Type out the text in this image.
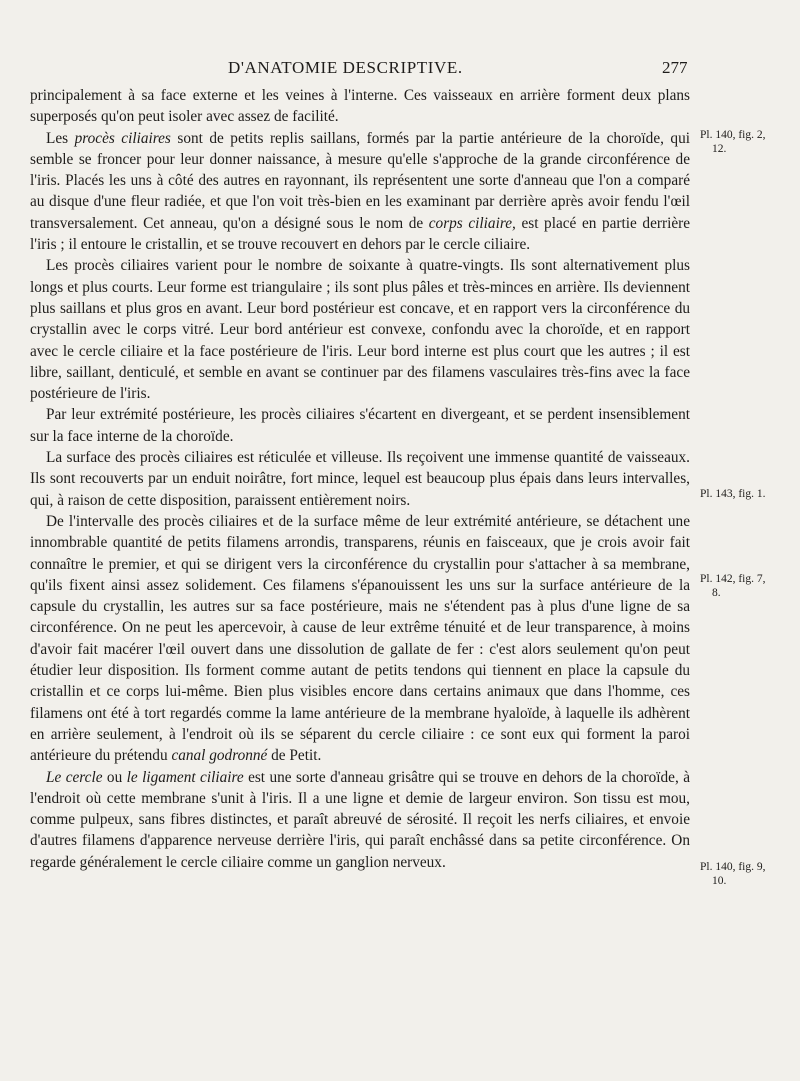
D'ANATOMIE DESCRIPTIVE.	277

principalement à sa face externe et les veines à l'interne. Ces vaisseaux en arrière forment deux plans superposés qu'on peut isoler avec assez de facilité.

Les procès ciliaires sont de petits replis saillans, formés par la partie antérieure de la choroïde, qui semble se froncer pour leur donner naissance, à mesure qu'elle s'approche de la grande circonférence de l'iris. Placés les uns à côté des autres en rayonnant, ils représentent une sorte d'anneau que l'on a comparé au disque d'une fleur radiée, et que l'on voit très-bien en les examinant par derrière après avoir fendu l'œil transversalement. Cet anneau, qu'on a désigné sous le nom de corps ciliaire, est placé en partie derrière l'iris ; il entoure le cristallin, et se trouve recouvert en dehors par le cercle ciliaire.

Les procès ciliaires varient pour le nombre de soixante à quatre-vingts. Ils sont alternativement plus longs et plus courts. Leur forme est triangulaire ; ils sont plus pâles et très-minces en arrière. Ils deviennent plus saillans et plus gros en avant. Leur bord postérieur est concave, et en rapport vers la circonférence du crystallin avec le corps vitré. Leur bord antérieur est convexe, confondu avec la choroïde, et en rapport avec le cercle ciliaire et la face postérieure de l'iris. Leur bord interne est plus court que les autres ; il est libre, saillant, denticulé, et semble en avant se continuer par des filamens vasculaires très-fins avec la face postérieure de l'iris.

Par leur extrémité postérieure, les procès ciliaires s'écartent en divergeant, et se perdent insensiblement sur la face interne de la choroïde.

La surface des procès ciliaires est réticulée et villeuse. Ils reçoivent une immense quantité de vaisseaux. Ils sont recouverts par un enduit noirâtre, fort mince, lequel est beaucoup plus épais dans leurs intervalles, qui, à raison de cette disposition, paraissent entièrement noirs.

De l'intervalle des procès ciliaires et de la surface même de leur extrémité antérieure, se détachent une innombrable quantité de petits filamens arrondis, transparens, réunis en faisceaux, que je crois avoir fait connaître le premier, et qui se dirigent vers la circonférence du crystallin pour s'attacher à sa membrane, qu'ils fixent ainsi assez solidement. Ces filamens s'épanouissent les uns sur la surface antérieure de la capsule du crystallin, les autres sur sa face postérieure, mais ne s'étendent pas à plus d'une ligne de sa circonférence. On ne peut les apercevoir, à cause de leur extrême ténuité et de leur transparence, à moins d'avoir fait macérer l'œil ouvert dans une dissolution de gallate de fer : c'est alors seulement qu'on peut étudier leur disposition. Ils forment comme autant de petits tendons qui tiennent en place la capsule du cristallin et ce corps lui-même. Bien plus visibles encore dans certains animaux que dans l'homme, ces filamens ont été à tort regardés comme la lame antérieure de la membrane hyaloïde, à laquelle ils adhèrent en arrière seulement, à l'endroit où ils se séparent du cercle ciliaire : ce sont eux qui forment la paroi antérieure du prétendu canal godronné de Petit.

Le cercle ou le ligament ciliaire est une sorte d'anneau grisâtre qui se trouve en dehors de la choroïde, à l'endroit où cette membrane s'unit à l'iris. Il a une ligne et demie de largeur environ. Son tissu est mou, comme pulpeux, sans fibres distinctes, et paraît abreuvé de sérosité. Il reçoit les nerfs ciliaires, et envoie d'autres filamens d'apparence nerveuse derrière l'iris, qui paraît enchâssé dans sa petite circonférence. On regarde généralement le cercle ciliaire comme un ganglion nerveux.

Pl. 140, fig. 2,
12.
Pl. 143, fig. 1.
Pl. 142, fig. 7,
8.
Pl. 140, fig. 9,
10.
